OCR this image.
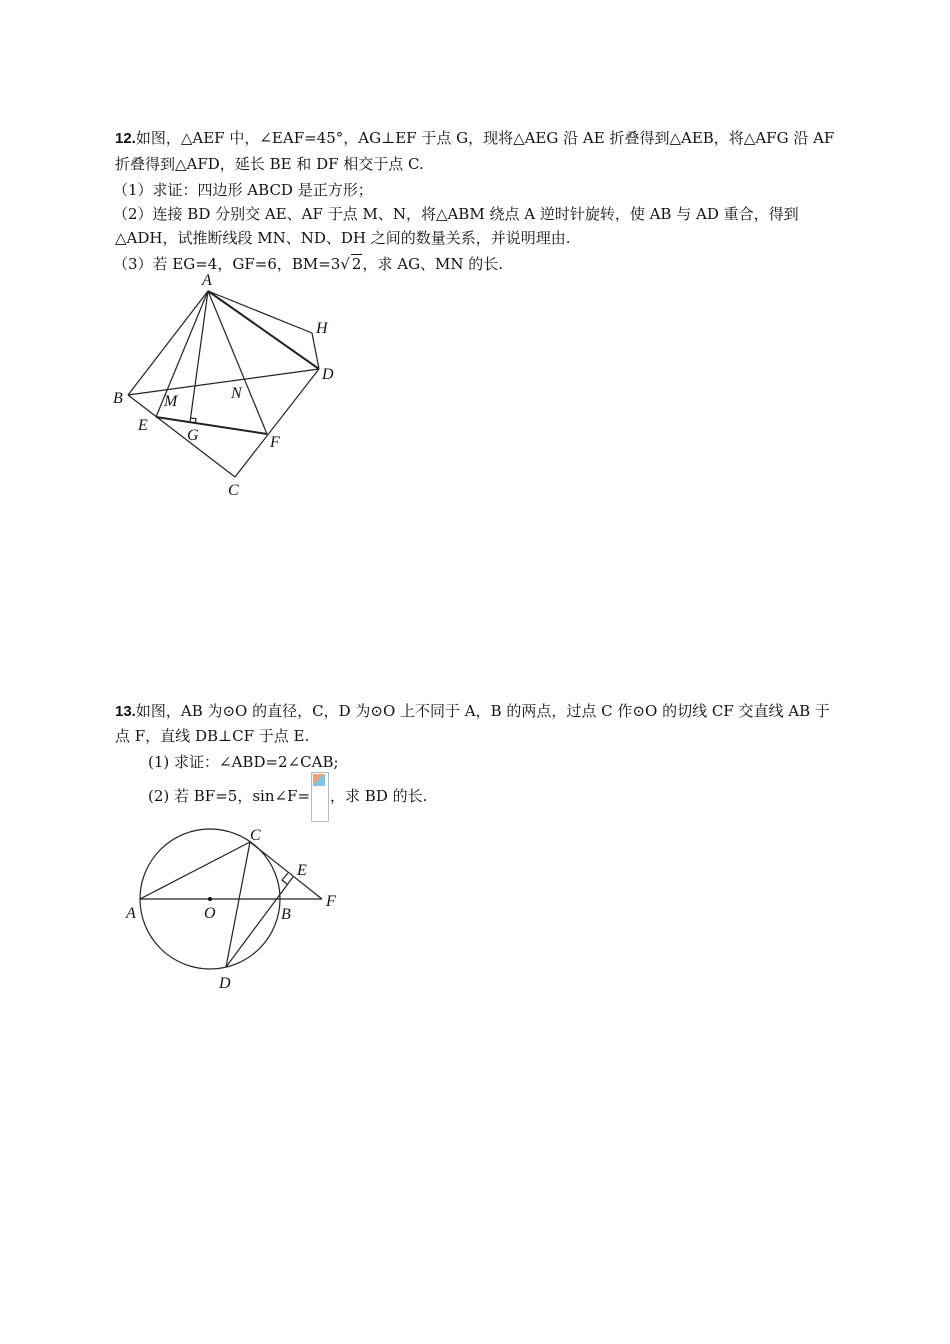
12.如图，△AEF 中，∠EAF=45°，AG⊥EF 于点 G，现将△AEG 沿 AE 折叠得到△AEB，将△AFG 沿 AF
折叠得到△AFD，延长 BE 和 DF 相交于点 C.
（1）求证：四边形 ABCD 是正方形；
（2）连接 BD 分别交 AE、AF 于点 M、N，将△ABM 绕点 A 逆时针旋转，使 AB 与 AD 重合，得到
△ADH，试推断线段 MN、ND、DH 之间的数量关系，并说明理由.
（3）若 EG=4，GF=6，BM=3√ 2，求 AG、MN 的长.
A
H
D
B	M	N
E
G	F
C
13.如图，AB 为⊙O 的直径，C，D 为⊙O 上不同于 A，B 的两点，过点 C 作⊙O 的切线 CF 交直线 AB 于
点 F，直线 DB⊥CF 于点 E.
(1) 求证：∠ABD=2∠CAB;
(2) 若 BF=5，sin∠F= ，求 BD 的长.
A	O	B
C
E
F
D
